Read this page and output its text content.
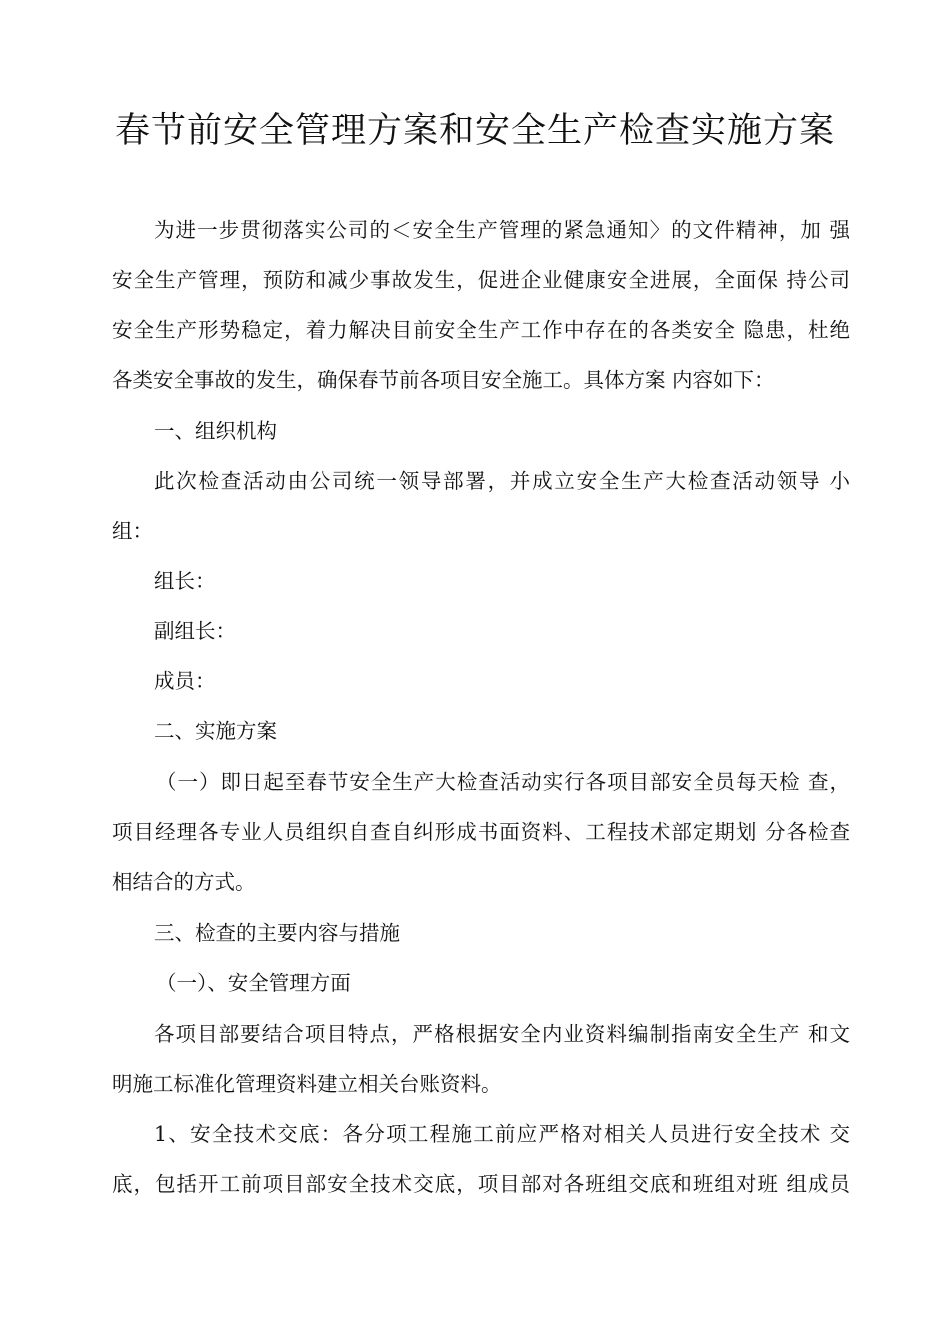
春节前安全管理方案和安全生产检查实施方案
为进一步贯彻落实公司的＜安全生产管理的紧急通知〉的文件精神，加 强
安全生产管理，预防和减少事故发生，促进企业健康安全进展，全面保 持公司
安全生产形势稳定，着力解决目前安全生产工作中存在的各类安全 隐患，杜绝
各类安全事故的发生，确保春节前各项目安全施工。具体方案 内容如下：
一、组织机构
此次检查活动由公司统一领导部署，并成立安全生产大检查活动领导 小
组：
组长：
副组长：
成员：
二、实施方案
（一）即日起至春节安全生产大检查活动实行各项目部安全员每天检 查，
项目经理各专业人员组织自查自纠形成书面资料、工程技术部定期划 分各检查
相结合的方式。
三、检查的主要内容与措施
（一）、安全管理方面
各项目部要结合项目特点，严格根据安全内业资料编制指南安全生产 和文
明施工标准化管理资料建立相关台账资料。
1、安全技术交底：各分项工程施工前应严格对相关人员进行安全技术 交
底，包括开工前项目部安全技术交底，项目部对各班组交底和班组对班 组成员
